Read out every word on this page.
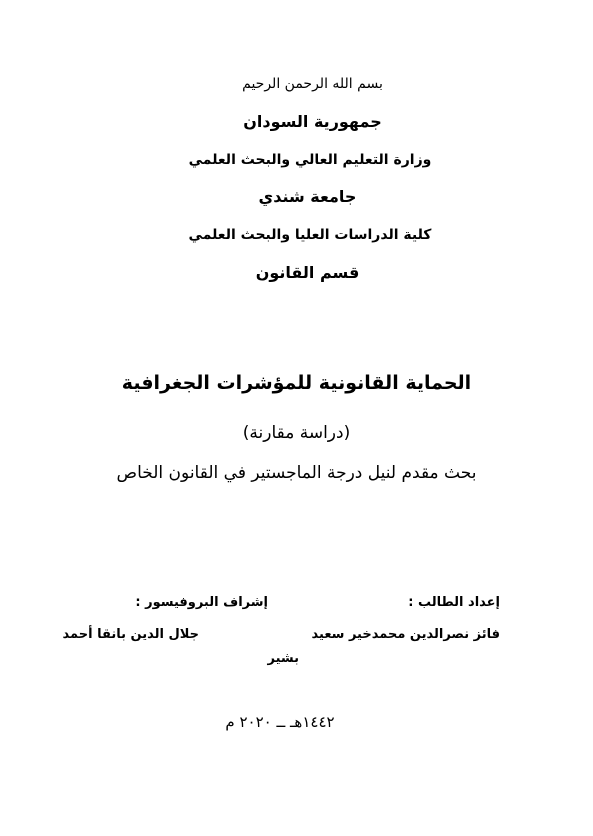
بسم الله الرحمن الرحيم
جمهورية السودان
وزارة التعليم العالي والبحث العلمي
جامعة شندي
كلية الدراسات العليا والبحث العلمي
قسم القانون
الحماية القانونية للمؤشرات الجغرافية
(دراسة مقارنة)
بحث مقدم لنيل درجة الماجستير في القانون الخاص
إعداد الطالب :
إشراف البروفيسور :
فائز نصرالدين محمدخير سعيد
جلال الدين بانقا أحمد
بشير
١٤٤٢هـ ــ ٢٠٢٠ م
